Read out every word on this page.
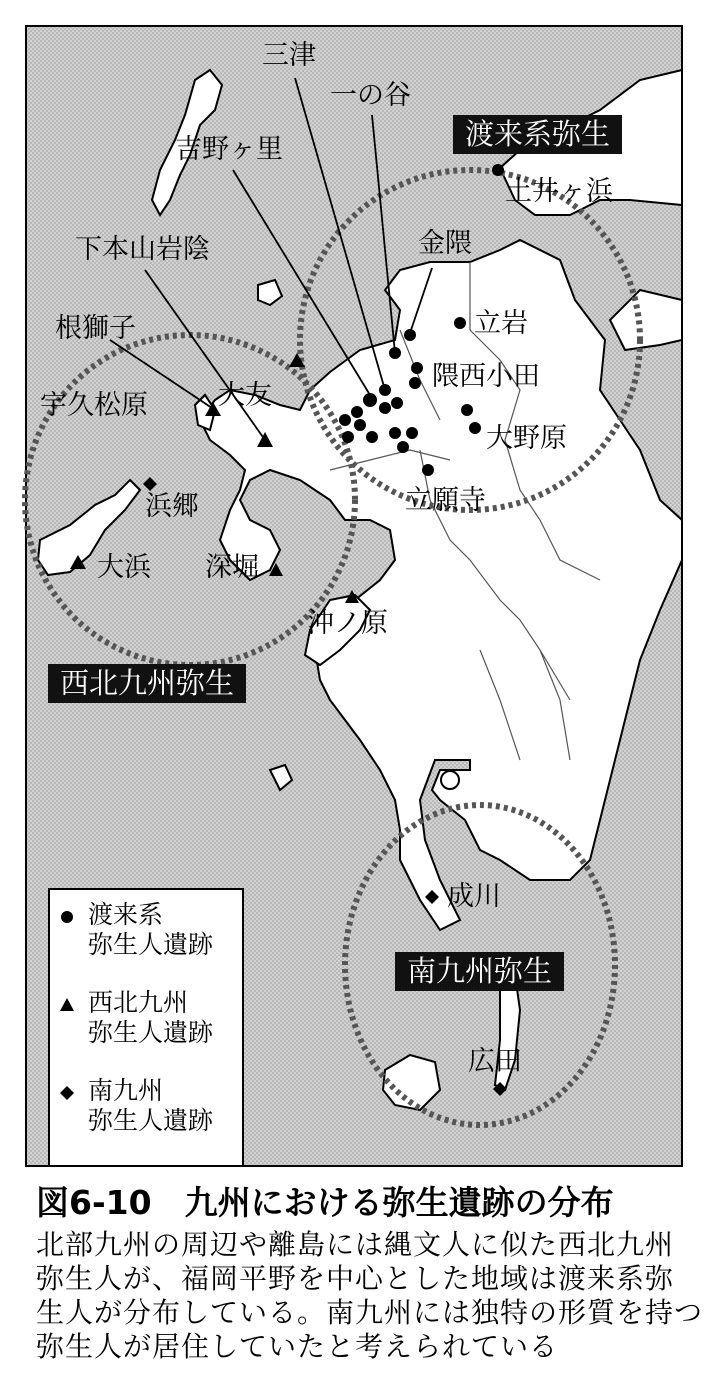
三津
一の谷
吉野ヶ里
土井ヶ浜
金隈
下本山岩陰
立岩
根獅子
隈西小田
宇久松原	大友
大野原
浜郷	立願寺
大浜 深堀
沖ノ原
成川
広田
渡来系弥生
西北九州弥生
南九州弥生
渡来系
弥生人遺跡
西北九州
弥生人遺跡
南九州
弥生人遺跡
図6-10　九州における弥生遺跡の分布
北部九州の周辺や離島には縄文人に似た西北九州
弥生人が、福岡平野を中心とした地域は渡来系弥
生人が分布している。南九州には独特の形質を持つ
弥生人が居住していたと考えられている
